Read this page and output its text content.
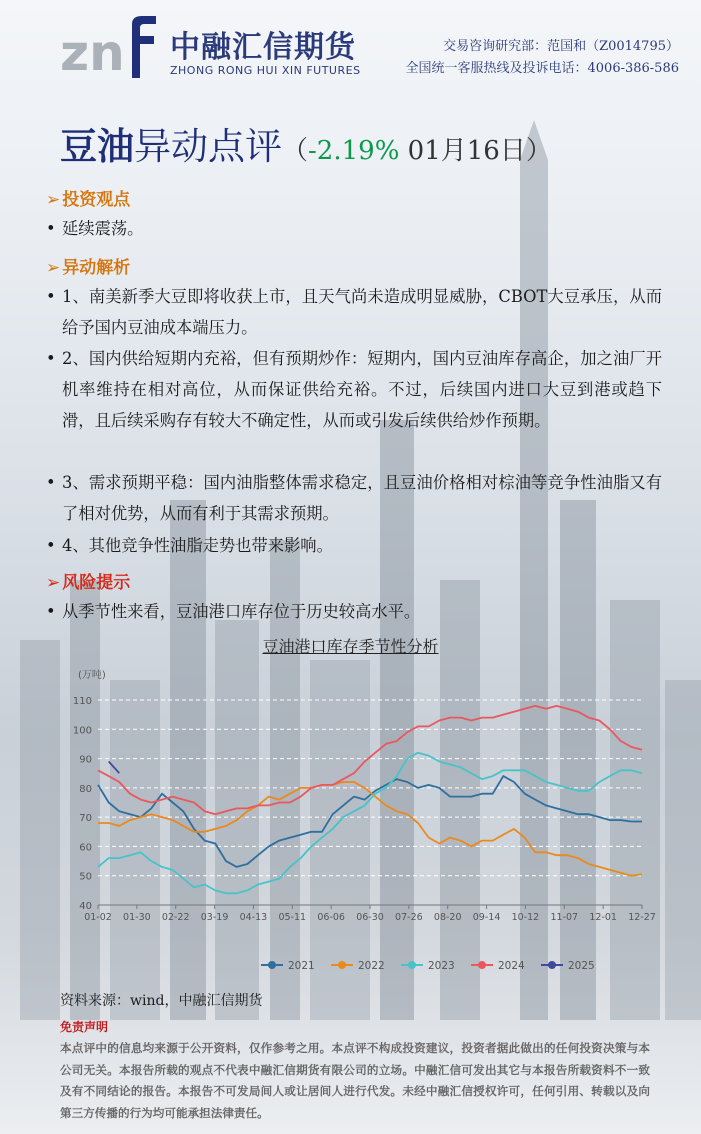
zn 中融汇信期货
ZHONG RONG HUI XIN FUTURES
交易咨询研究部：范国和（Z0014795）
全国统一客服热线及投诉电话：4006-386-586
豆油异动点评（-2.19% 01月16日）
➢ 投资观点
• 延续震荡。
➢ 异动解析
• 1、南美新季大豆即将收获上市，且天气尚未造成明显威胁，CBOT大豆承压，从而给予国内豆油成本端压力。
• 2、国内供给短期内充裕，但有预期炒作：短期内，国内豆油库存高企，加之油厂开机率维持在相对高位，从而保证供给充裕。不过，后续国内进口大豆到港或趋下滑，且后续采购存有较大不确定性，从而或引发后续供给炒作预期。
• 3、需求预期平稳：国内油脂整体需求稳定，且豆油价格相对棕油等竞争性油脂又有了相对优势，从而有利于其需求预期。
• 4、其他竞争性油脂走势也带来影响。
➢ 风险提示
• 从季节性来看，豆油港口库存位于历史较高水平。
豆油港口库存季节性分析
40
50
60
70
80
90
100
110
(万吨)
01-02 01-30 02-22 03-19 04-13 05-11 06-06 06-30 07-26 08-20 09-14 10-12 11-07 12-01 12-27
2021	2022	2023	2024	2025
资料来源：wind，中融汇信期货
免责声明
本点评中的信息均来源于公开资料，仅作参考之用。本点评不构成投资建议，投资者据此做出的任何投资决策与本公司无关。本报告所载的观点不代表中融汇信期货有限公司的立场。中融汇信可发出其它与本报告所载资料不一致及有不同结论的报告。本报告不可发局间人或让居间人进行代发。未经中融汇信授权许可，任何引用、转载以及向第三方传播的行为均可能承担法律责任。
